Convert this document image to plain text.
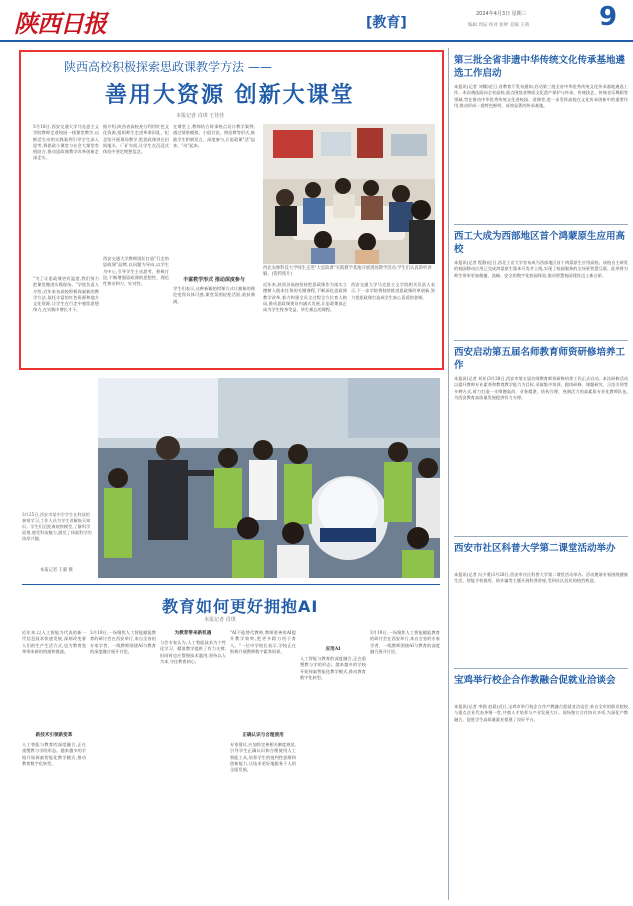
陕西日报	[教育]
2024年4月3日 星期三
编辑 周辰 校对 张婷 美编 王萌	9
陕西高校积极探索思政课教学方法 ——
善用大资源 创新大课堂
本报记者 肖琪 王佳佳
3月18日,西安交通大学马克思主义学院教师走进校园一线课堂教学,以鲜活生动的实践案例引导学生深入思考,将思政小课堂与社会大课堂有机结合,推动思政课教学改革创新走深走实。
"为了让思政课更有温度,我们努力把课堂搬进实践现场。"学院负责人介绍,近年来各高校积极探索新的教学方法,依托丰富的红色资源和地方文化资源,让学生在行走中感悟思想伟力,在实践中增长才干。
据介绍,陕西省高校充分利用红色文化资源,组织师生走进革命旧址、纪念馆开展现场教学,把思政课讲在田间地头、厂矿车间,让学生在沉浸式体验中坚定理想信念。
西安交通大学教师团队打造"行走的思政课"品牌,以问题为导向,以学生为中心,引导学生主动思考、积极讨论,不断增强思政课的思想性、理论性和亲和力、针对性。
在课堂上,教师结合时事热点设计教学案例,通过情景模拟、小组讨论、辩论赛等形式,鼓励学生积极发言、深度参与,让思政课"活"起来、"动"起来。
丰富教学形式 推动深度参与
学生们表示,这种新颖的授课方式让抽象的理论变得具体可感,课堂氛围轻松活跃,收获满满。
西北农林科技大学师生走进"大思政课"实践教学基地开展现场教学活动,学生们认真聆听讲解。(资料照片)
近年来,陕西各高校坚持把思政课作为落实立德树人根本任务的关键课程,不断深化思政课教学改革,着力构建全员全过程全方位育人格局,推动思政课建设内涵式发展,让思政课真正成为学生终身受益、毕生难忘的课程。
西安交通大学马克思主义学院相关负责人表示,下一步学院将持续推进思政课改革创新,努力把思政课打造成学生真心喜爱的金课。
3月25日,西安市某中学学生在科技馆参观学习,工作人员为学生讲解航天知识。学生们近距离观察模型,了解科学原理,感受科技魅力,激发了探索科学的浓厚兴趣。
本报记者 王毅 摄
教育如何更好拥抱AI
本报记者 肖琪
近年来,以人工智能为代表的新一代信息技术快速发展,深刻改变着人们的生产生活方式,也为教育变革带来新的机遇和挑战。
新技术引领新变革
人工智能与教育的深度融合,正在重塑教与学的形态。越来越多的学校开始探索智能化教学模式,推动教育数字化转型。
3月19日,一场聚焦人工智能赋能教育的研讨会在西安举行,来自全省的专家学者、一线教师围绕AI与教育的深度融合展开讨论。
为教育带来新机遇
与会专家认为,人工智能技术为个性化学习、精准教学提供了有力支撑,但同时也应警惕技术滥用,坚持以人为本,守住教育初心。
"AI不能替代教师,教师要善用AI提升教学效率,把更多精力用于育人。"一位中学校长表示,学校正在积极开展教师数字素养培训。
正确认识与合理使用
专家建议,应加快完善相关制度规范,引导学生正确认识和合理使用人工智能工具,培养学生的批判性思维和创新能力,让技术更好地服务于人的全面发展。
应用AI
人工智能与教育的深度融合,正在重塑教与学的形态。越来越多的学校开始探索智能化教学模式,推动教育数字化转型。
3月19日,一场聚焦人工智能赋能教育的研讨会在西安举行,来自全省的专家学者、一线教师围绕AI与教育的深度融合展开讨论。
第三批全省非遗中华传统文化传承基地遴选工作启动
本报讯(记者 刘娜)近日,省教育厅发布通知,启动第三批全省中华优秀传统文化传承基地遴选工作。本次遴选面向全省高校,重点围绕非物质文化遗产保护与传承、传统技艺、传统音乐舞蹈等领域,旨在推动中华优秀传统文化进校园、进课堂,进一步发挥高校在文化传承创新中的重要作用,推动形成一批特色鲜明、成效显著的传承基地。
西工大成为西部地区首个鸿蒙原生应用高校
本报讯(记者 程静)近日,西北工业大学宣布成为西部地区首个鸿蒙原生应用高校。该校自主研发的校园移动应用已完成鸿蒙原生版本开发并上线,实现了校园服务的全场景智慧互联。此举将为师生带来更加便捷、流畅、安全的数字化校园体验,推动智慧校园建设迈上新台阶。
西安启动第五届名师教育师资研修培养工作
本报讯(记者 刘亚)3月28日,西安市第五届名师教育师资研修培养工作正式启动。本次研修活动以提升教师专业素养和教育教学能力为目标,采取集中培训、跟岗研修、课题研究、示范引领等多种方式,着力打造一支师德高尚、业务精湛、结构合理、充满活力的高素质专业化教师队伍,为西安教育高质量发展提供有力支撑。
西安市社区科普大学第二课堂活动举办
本报讯(记者 冯少勇)3月28日,西安市社区科普大学第二课堂活动举办。活动邀请专家围绕健康生活、智能手机使用、防诈骗等主题开展科普讲座,受到社区居民的热烈欢迎。
宝鸡举行校企合作教融合促就业洽谈会
本报讯(记者 李润 赵晨)近日,宝鸡市举行校企合作产教融合促就业洽谈会,来自全市的职业院校与重点企业代表齐聚一堂,共商人才培养与产业发展大计。现场签订合作协议多项,为深化产教融合、促进学生高质量就业搭建了良好平台。
